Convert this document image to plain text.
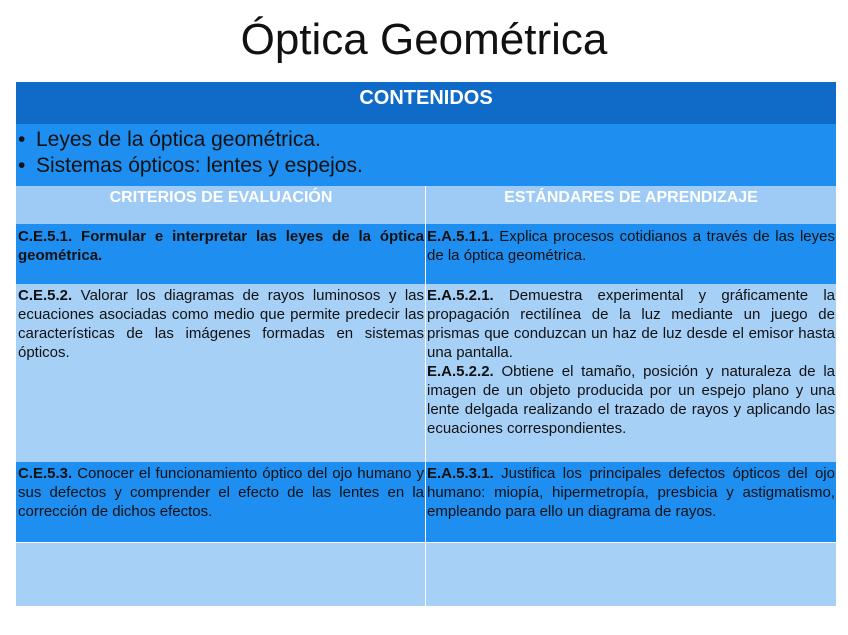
Óptica Geométrica
CONTENIDOS
• Leyes de la óptica geométrica.
• Sistemas ópticos: lentes y espejos.
CRITERIOS DE EVALUACIÓN	ESTÁNDARES DE APRENDIZAJE
C.E.5.1. Formular e interpretar las leyes de la óptica geométrica.
E.A.5.1.1. Explica procesos cotidianos a través de las leyes de la óptica geométrica.
C.E.5.2. Valorar los diagramas de rayos luminosos y las ecuaciones asociadas como medio que permite predecir las características de las imágenes formadas en sistemas ópticos.
E.A.5.2.1. Demuestra experimental y gráficamente la propagación rectilínea de la luz mediante un juego de prismas que conduzcan un haz de luz desde el emisor hasta una pantalla.
E.A.5.2.2. Obtiene el tamaño, posición y naturaleza de la imagen de un objeto producida por un espejo plano y una lente delgada realizando el trazado de rayos y aplicando las ecuaciones correspondientes.
C.E.5.3. Conocer el funcionamiento óptico del ojo humano y sus defectos y comprender el efecto de las lentes en la corrección de dichos efectos.
E.A.5.3.1. Justifica los principales defectos ópticos del ojo humano: miopía, hipermetropía, presbicia y astigmatismo, empleando para ello un diagrama de rayos.
